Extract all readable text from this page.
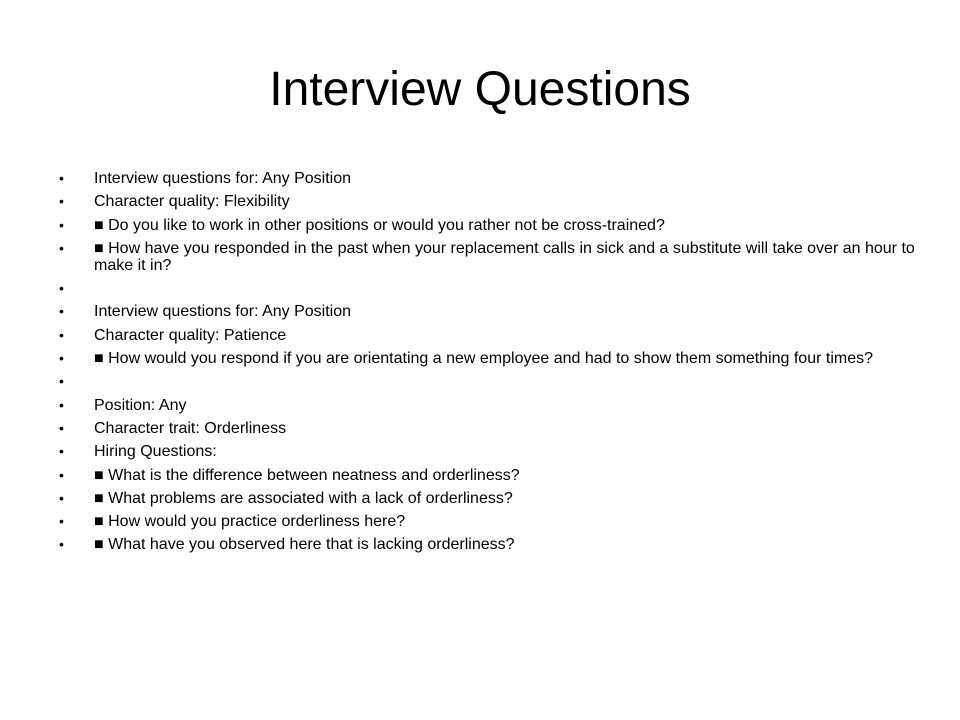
Interview Questions
• Interview questions for: Any Position
• Character quality: Flexibility
• ■ Do you like to work in other positions or would you rather not be cross-trained?
• ■ How have you responded in the past when your replacement calls in sick and a substitute will take over an hour to make it in?
•
• Interview questions for: Any Position
• Character quality: Patience
• ■ How would you respond if you are orientating a new employee and had to show them something four times?
•
• Position: Any
• Character trait: Orderliness
• Hiring Questions:
• ■ What is the difference between neatness and orderliness?
• ■ What problems are associated with a lack of orderliness?
• ■ How would you practice orderliness here?
• ■ What have you observed here that is lacking orderliness?
